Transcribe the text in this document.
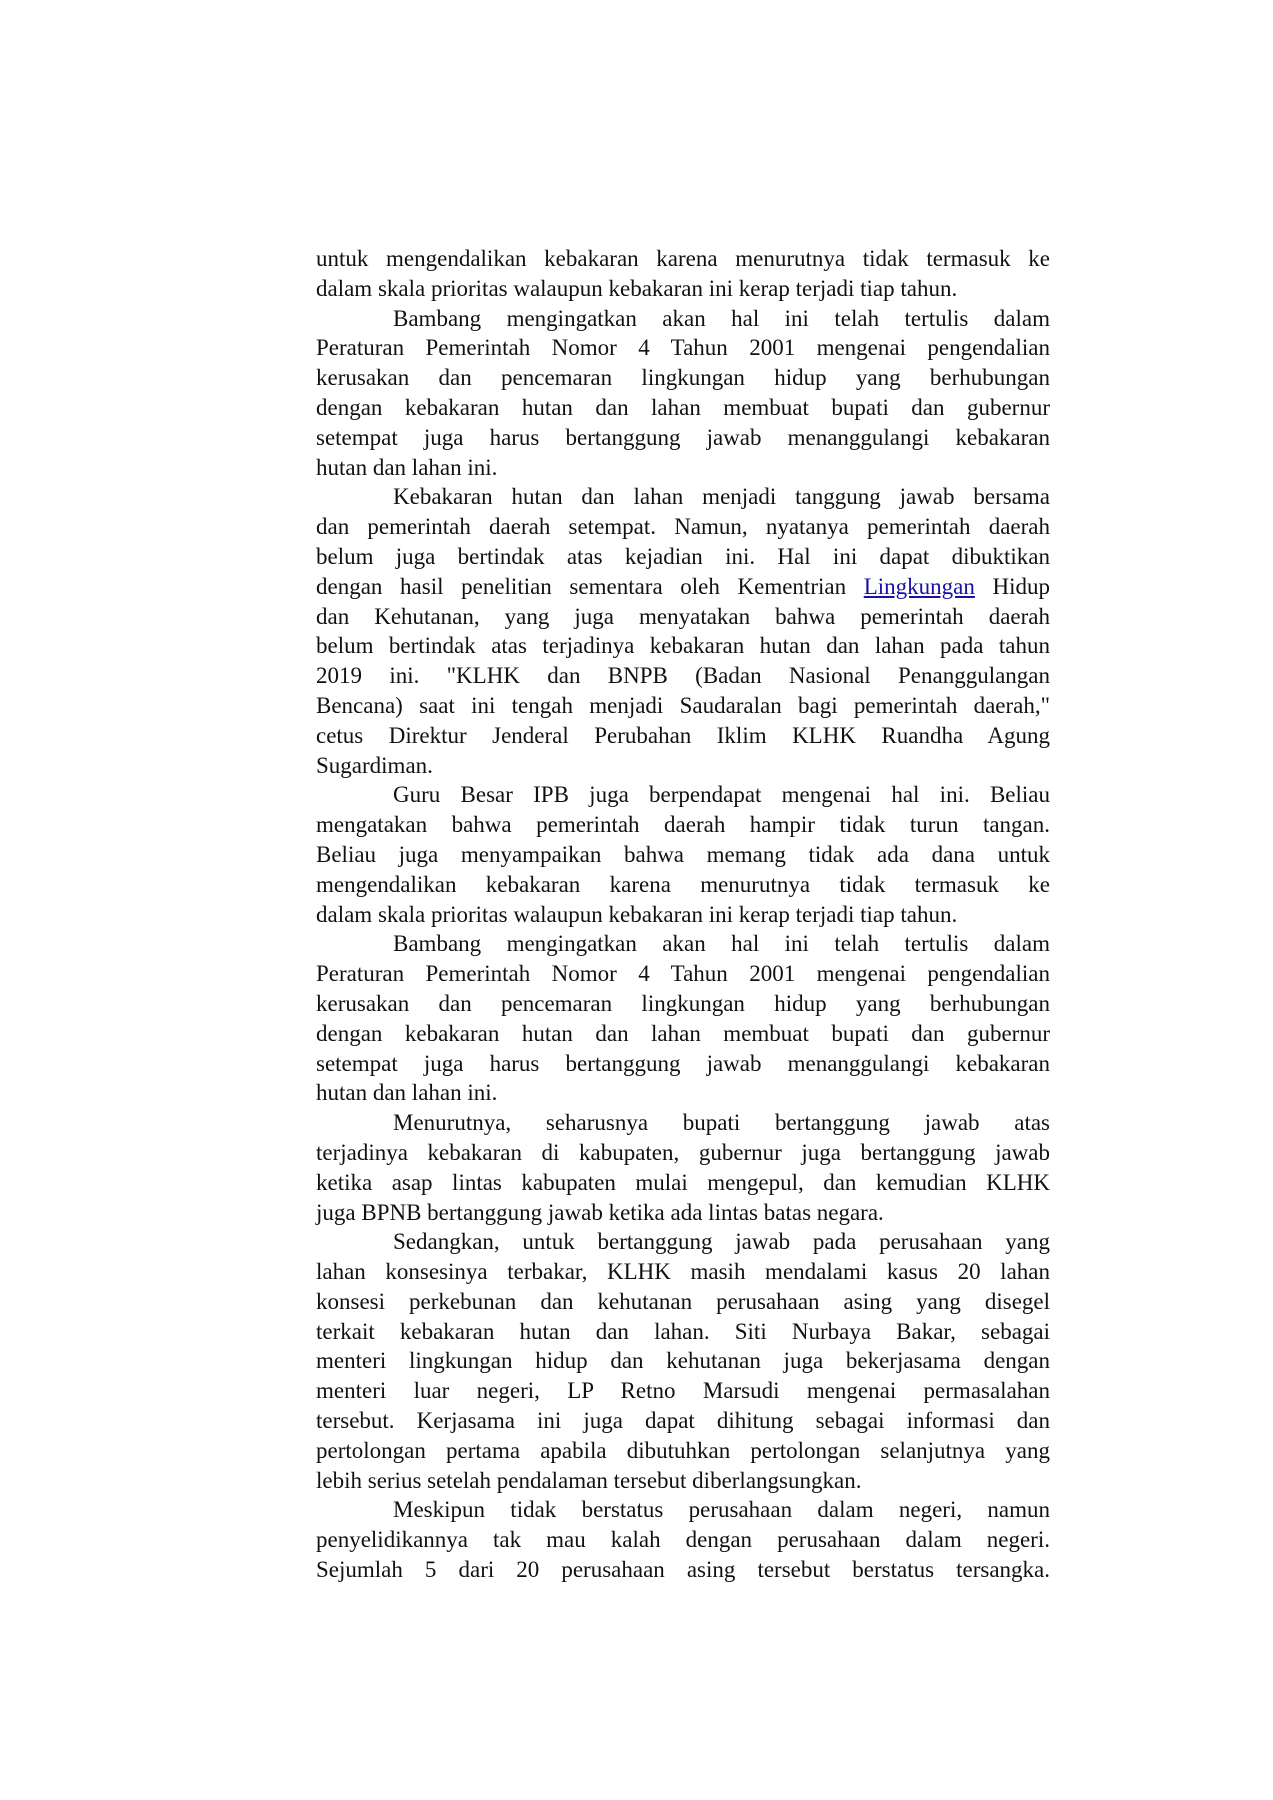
untuk mengendalikan kebakaran karena menurutnya tidak termasuk ke
dalam skala prioritas walaupun kebakaran ini kerap terjadi tiap tahun.
Bambang mengingatkan akan hal ini telah tertulis dalam
Peraturan Pemerintah Nomor 4 Tahun 2001 mengenai pengendalian
kerusakan dan pencemaran lingkungan hidup yang berhubungan
dengan kebakaran hutan dan lahan membuat bupati dan gubernur
setempat juga harus bertanggung jawab menanggulangi kebakaran
hutan dan lahan ini.
Kebakaran hutan dan lahan menjadi tanggung jawab bersama
dan pemerintah daerah setempat. Namun, nyatanya pemerintah daerah
belum juga bertindak atas kejadian ini. Hal ini dapat dibuktikan
dengan hasil penelitian sementara oleh Kementrian Lingkungan Hidup
dan Kehutanan, yang juga menyatakan bahwa pemerintah daerah
belum bertindak atas terjadinya kebakaran hutan dan lahan pada tahun
2019 ini. "KLHK dan BNPB (Badan Nasional Penanggulangan
Bencana) saat ini tengah menjadi Saudaralan bagi pemerintah daerah,"
cetus Direktur Jenderal Perubahan Iklim KLHK Ruandha Agung
Sugardiman.
Guru Besar IPB juga berpendapat mengenai hal ini. Beliau
mengatakan bahwa pemerintah daerah hampir tidak turun tangan.
Beliau juga menyampaikan bahwa memang tidak ada dana untuk
mengendalikan kebakaran karena menurutnya tidak termasuk ke
dalam skala prioritas walaupun kebakaran ini kerap terjadi tiap tahun.
Bambang mengingatkan akan hal ini telah tertulis dalam
Peraturan Pemerintah Nomor 4 Tahun 2001 mengenai pengendalian
kerusakan dan pencemaran lingkungan hidup yang berhubungan
dengan kebakaran hutan dan lahan membuat bupati dan gubernur
setempat juga harus bertanggung jawab menanggulangi kebakaran
hutan dan lahan ini.
Menurutnya, seharusnya bupati bertanggung jawab atas
terjadinya kebakaran di kabupaten, gubernur juga bertanggung jawab
ketika asap lintas kabupaten mulai mengepul, dan kemudian KLHK
juga BPNB bertanggung jawab ketika ada lintas batas negara.
Sedangkan, untuk bertanggung jawab pada perusahaan yang
lahan konsesinya terbakar, KLHK masih mendalami kasus 20 lahan
konsesi perkebunan dan kehutanan perusahaan asing yang disegel
terkait kebakaran hutan dan lahan. Siti Nurbaya Bakar, sebagai
menteri lingkungan hidup dan kehutanan juga bekerjasama dengan
menteri luar negeri, LP Retno Marsudi mengenai permasalahan
tersebut. Kerjasama ini juga dapat dihitung sebagai informasi dan
pertolongan pertama apabila dibutuhkan pertolongan selanjutnya yang
lebih serius setelah pendalaman tersebut diberlangsungkan.
Meskipun tidak berstatus perusahaan dalam negeri, namun
penyelidikannya tak mau kalah dengan perusahaan dalam negeri.
Sejumlah 5 dari 20 perusahaan asing tersebut berstatus tersangka.
